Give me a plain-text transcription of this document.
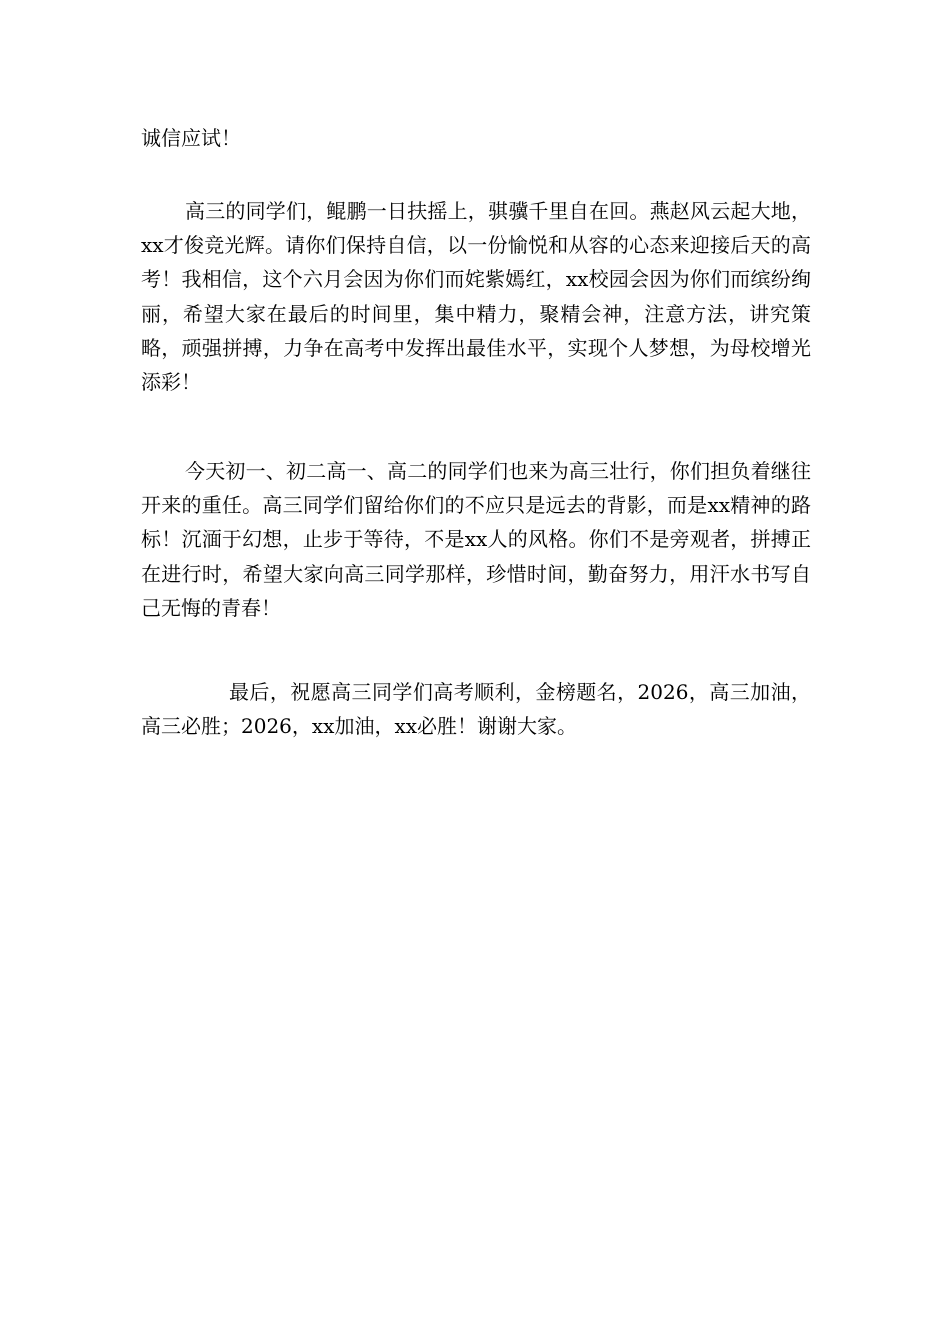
诚信应试！

高三的同学们，鲲鹏一日扶摇上，骐骥千里自在回。燕赵风云起大地，xx才俊竞光辉。请你们保持自信，以一份愉悦和从容的心态来迎接后天的高考！我相信，这个六月会因为你们而姹紫嫣红，xx校园会因为你们而缤纷绚丽，希望大家在最后的时间里，集中精力，聚精会神，注意方法，讲究策略，顽强拼搏，力争在高考中发挥出最佳水平，实现个人梦想，为母校增光添彩！

今天初一、初二高一、高二的同学们也来为高三壮行，你们担负着继往开来的重任。高三同学们留给你们的不应只是远去的背影，而是xx精神的路标！沉湎于幻想，止步于等待，不是xx人的风格。你们不是旁观者，拼搏正在进行时，希望大家向高三同学那样，珍惜时间，勤奋努力，用汗水书写自己无悔的青春！

最后，祝愿高三同学们高考顺利，金榜题名，2026，高三加油，高三必胜；2026，xx加油，xx必胜！谢谢大家。
